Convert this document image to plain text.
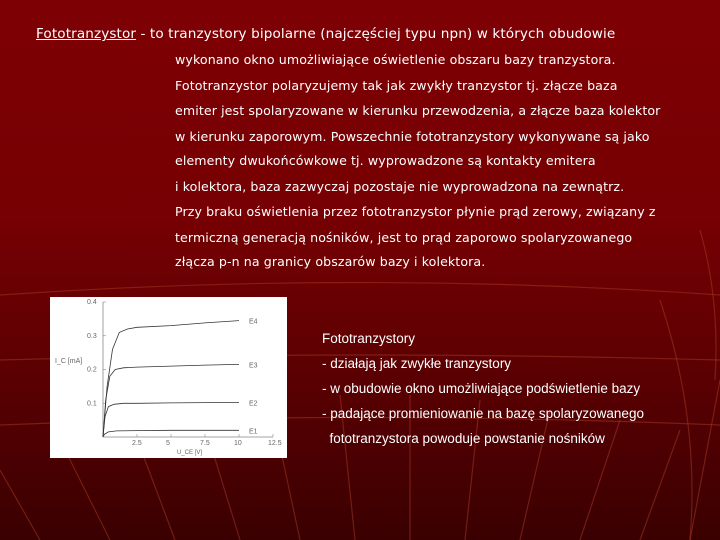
Fototranzystor - to tranzystory bipolarne (najczęściej typu npn) w których obudowie
wykonano okno umożliwiające oświetlenie obszaru bazy tranzystora.
Fototranzystor polaryzujemy tak jak zwykły tranzystor tj. złącze baza
emiter jest spolaryzowane w kierunku przewodzenia, a złącze baza kolektor
w kierunku zaporowym. Powszechnie fototranzystory wykonywane są jako
elementy dwukońcówkowe tj. wyprowadzone są kontakty emitera
i kolektora, baza zazwyczaj pozostaje nie wyprowadzona na zewnątrz.
Przy braku oświetlenia przez fototranzystor płynie prąd zerowy, związany z
termiczną generacją nośników, jest to prąd zaporowo spolaryzowanego
złącza p-n na granicy obszarów bazy i kolektora.
I_C [mA]
U_CE [V]
2.5	5	7.5	10	12.5
0.1
0.2
0.3
0.4
E4
E3
E2
E1
Fototranzystory
- działają jak zwykłe tranzystory
- w obudowie okno umożliwiające podświetlenie bazy
- padające promieniowanie na bazę spolaryzowanego
fototranzystora powoduje powstanie nośników
